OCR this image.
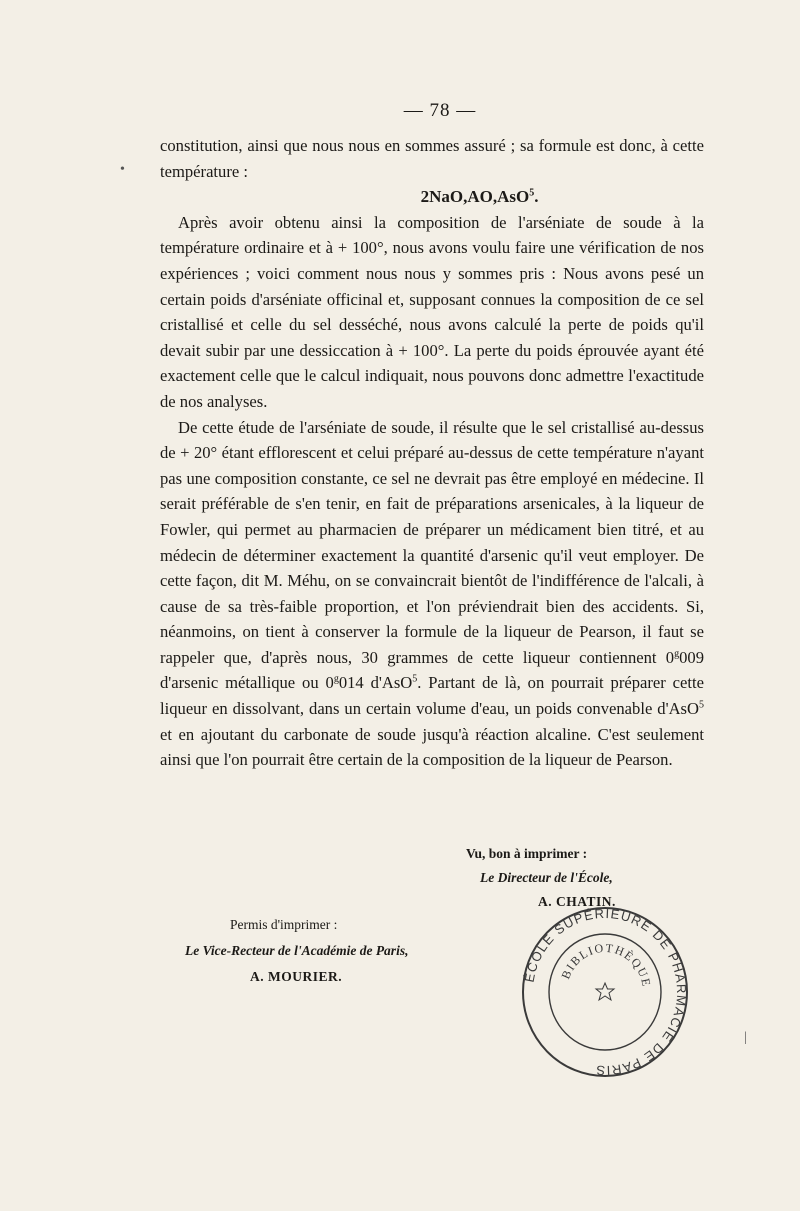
— 78 —

constitution, ainsi que nous nous en sommes assuré ; sa formule est donc, à cette température :

2NaO,AO,AsO$^5$.

Après avoir obtenu ainsi la composition de l'arséniate de soude à la température ordinaire et à + 100°, nous avons voulu faire une vérification de nos expériences ; voici comment nous nous y sommes pris : Nous avons pesé un certain poids d'arséniate officinal et, supposant connues la composition de ce sel cristallisé et celle du sel desséché, nous avons calculé la perte de poids qu'il devait subir par une dessiccation à + 100°. La perte du poids éprouvée ayant été exactement celle que le calcul indiquait, nous pouvons donc admettre l'exactitude de nos analyses.

De cette étude de l'arséniate de soude, il résulte que le sel cristallisé au-dessus de + 20° étant efflorescent et celui préparé au-dessus de cette température n'ayant pas une composition constante, ce sel ne devrait pas être employé en médecine. Il serait préférable de s'en tenir, en fait de préparations arsenicales, à la liqueur de Fowler, qui permet au pharmacien de préparer un médicament bien titré, et au médecin de déterminer exactement la quantité d'arsenic qu'il veut employer. De cette façon, dit M. Méhu, on se convaincrait bientôt de l'indifférence de l'alcali, à cause de sa très-faible proportion, et l'on préviendrait bien des accidents. Si, néanmoins, on tient à conserver la formule de la liqueur de Pearson, il faut se rappeler que, d'après nous, 30 grammes de cette liqueur contiennent 0$^g$009 d'arsenic métallique ou 0$^g$014 d'AsO$^5$. Partant de là, on pourrait préparer cette liqueur en dissolvant, dans un certain volume d'eau, un poids convenable d'AsO$^5$ et en ajoutant du carbonate de soude jusqu'à réaction alcaline. C'est seulement ainsi que l'on pourrait être certain de la composition de la liqueur de Pearson.

Vu, bon à imprimer :
Le Directeur de l'École,
A. CHATIN.
Permis d'imprimer :
Le Vice-Recteur de l'Académie de Paris,
A. MOURIER.	ÉCOLE SUPÉRIEURE DE PHARMACIE DE PARIS
BIBLIOTHÈQUE
•
|
